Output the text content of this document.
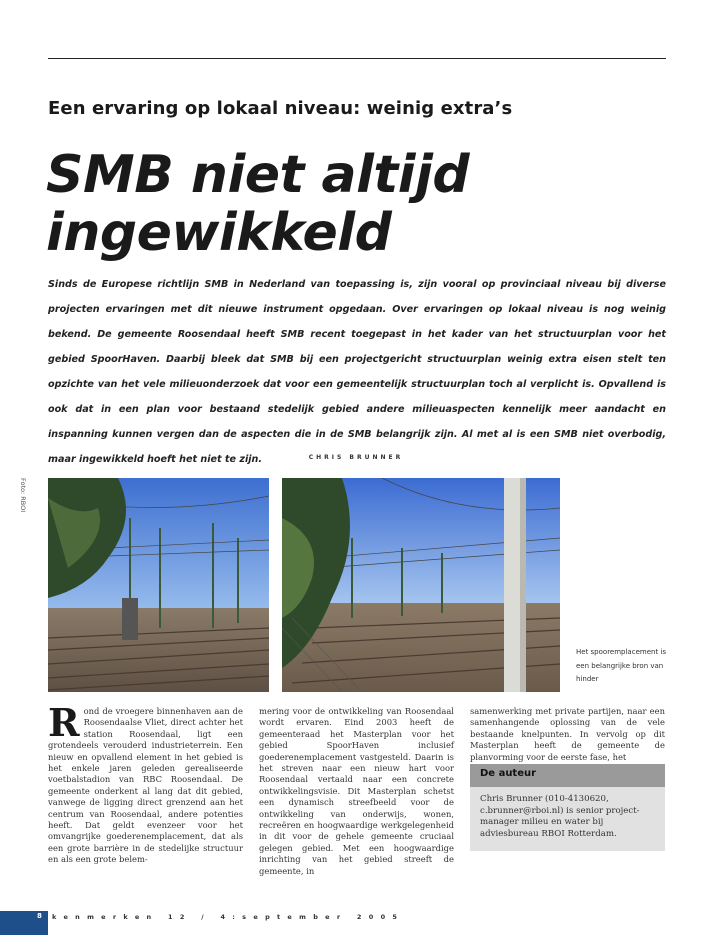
Een ervaring op lokaal niveau: weinig extra’s
SMB niet altijd
ingewikkeld
Sinds de Europese richtlijn SMB in Nederland van toepassing is, zijn vooral op provinciaal niveau bij diverse projecten ervaringen met dit nieuwe instrument opgedaan. Over ervaringen op lokaal niveau is nog weinig bekend. De gemeente Roosendaal heeft SMB recent toegepast in het kader van het structuurplan voor het gebied SpoorHaven. Daarbij bleek dat SMB bij een projectgericht structuurplan weinig extra eisen stelt ten opzichte van het vele milieuonderzoek dat voor een gemeentelijk structuurplan toch al verplicht is. Opvallend is ook dat in een plan voor bestaand stedelijk gebied andere milieuaspecten kennelijk meer aandacht en inspanning kunnen vergen dan de aspecten die in de SMB belangrijk zijn. Al met al is een SMB niet overbodig, maar ingewikkeld hoeft het niet te zijn.	CHRIS BRUNNER
Foto: RBOI
Het spooremplacement is een belangrijke bron van hinder
R ond de vroegere binnenhaven aan de Roosendaalse Vliet, direct achter het station Roosendaal, ligt een grotendeels verouderd industrieterrein. Een nieuw en opvallend element in het gebied is het enkele jaren geleden gerealiseerde voetbalstadion van RBC Roosendaal. De gemeente onderkent al lang dat dit gebied, vanwege de ligging direct grenzend aan het centrum van Roosendaal, andere potenties heeft. Dat geldt evenzeer voor het omvangrijke goederenemplacement, dat als een grote barrière in de stedelijke structuur en als een grote belem-
mering voor de ontwikkeling van Roosendaal wordt ervaren. Eind 2003 heeft de gemeenteraad het Masterplan voor het gebied SpoorHaven inclusief goederenemplacement vastgesteld. Daarin is het streven naar een nieuw hart voor Roosendaal vertaald naar een concrete ontwikkelingsvisie. Dit Masterplan schetst een dynamisch streefbeeld voor de ontwikkeling van onderwijs, wonen, recreëren en hoogwaardige werkgelegenheid in dit voor de gehele gemeente cruciaal gelegen gebied. Met een hoogwaardige inrichting van het gebied streeft de gemeente, in
samenwerking met private partijen, naar een samenhangende oplossing van de vele bestaande knelpunten. In vervolg op dit Masterplan heeft de gemeente de planvorming voor de eerste fase, het
De auteur
Chris Brunner (010-4130620, c.brunner@rboi.nl) is senior project-manager milieu en water bij adviesbureau RBOI Rotterdam.
8 kenmerken 12 / 4:september 2005
